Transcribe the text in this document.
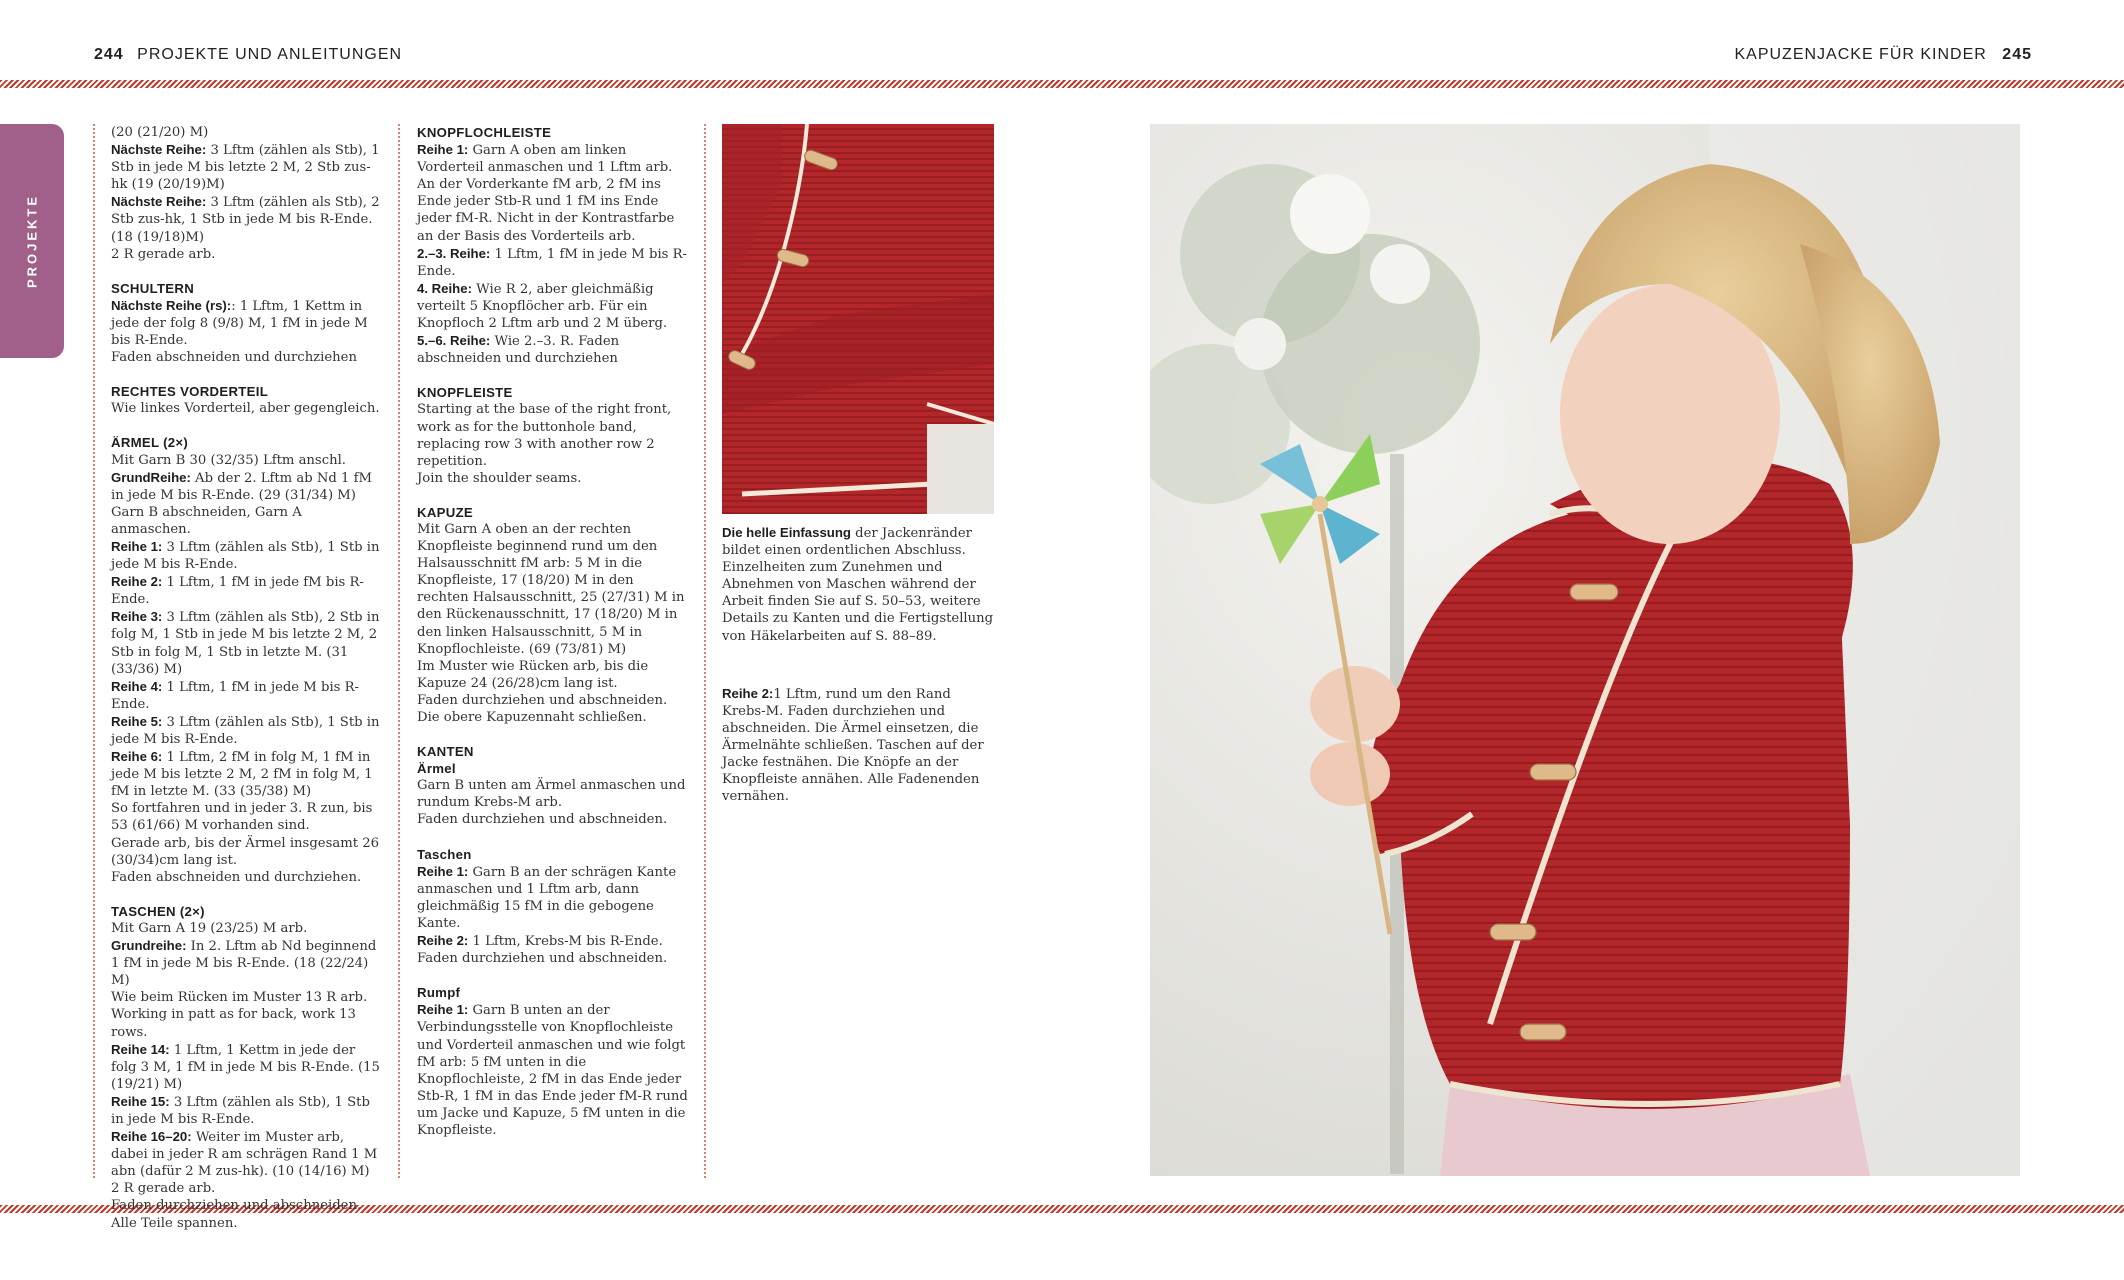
244 PROJEKTE UND ANLEITUNGEN	KAPUZENJACKE FÜR KINDER 245
PROJEKTE

(20 (21/20) M)
Nächste Reihe: 3 Lftm (zählen als Stb), 1 Stb in jede M bis letzte 2 M, 2 Stb zus-hk (19 (20/19)M)
Nächste Reihe: 3 Lftm (zählen als Stb), 2 Stb zus-hk, 1 Stb in jede M bis R-Ende. (18 (19/18)M)
2 R gerade arb.

SCHULTERN
Nächste Reihe (rs):: 1 Lftm, 1 Kettm in jede der folg 8 (9/8) M, 1 fM in jede M bis R-Ende.
Faden abschneiden und durchziehen

RECHTES VORDERTEIL
Wie linkes Vorderteil, aber gegengleich.

ÄRMEL (2×)
Mit Garn B 30 (32/35) Lftm anschl.
GrundReihe: Ab der 2. Lftm ab Nd 1 fM in jede M bis R-Ende. (29 (31/34) M)
Garn B abschneiden, Garn A anmaschen.
Reihe 1: 3 Lftm (zählen als Stb), 1 Stb in jede M bis R-Ende.
Reihe 2: 1 Lftm, 1 fM in jede fM bis R-Ende.
Reihe 3: 3 Lftm (zählen als Stb), 2 Stb in folg M, 1 Stb in jede M bis letzte 2 M, 2 Stb in folg M, 1 Stb in letzte M. (31 (33/36) M)
Reihe 4: 1 Lftm, 1 fM in jede M bis R-Ende.
Reihe 5: 3 Lftm (zählen als Stb), 1 Stb in jede M bis R-Ende.
Reihe 6: 1 Lftm, 2 fM in folg M, 1 fM in jede M bis letzte 2 M, 2 fM in folg M, 1 fM in letzte M. (33 (35/38) M)
So fortfahren und in jeder 3. R zun, bis 53 (61/66) M vorhanden sind.
Gerade arb, bis der Ärmel insgesamt 26 (30/34)cm lang ist.
Faden abschneiden und durchziehen.

TASCHEN (2×)
Mit Garn A 19 (23/25) M arb.
Grundreihe: In 2. Lftm ab Nd beginnend 1 fM in jede M bis R-Ende. (18 (22/24) M)
Wie beim Rücken im Muster 13 R arb.
Working in patt as for back, work 13 rows.
Reihe 14: 1 Lftm, 1 Kettm in jede der folg 3 M, 1 fM in jede M bis R-Ende. (15 (19/21) M)
Reihe 15: 3 Lftm (zählen als Stb), 1 Stb in jede M bis R-Ende.
Reihe 16–20: Weiter im Muster arb, dabei in jeder R am schrägen Rand 1 M abn (dafür 2 M zus-hk). (10 (14/16) M)
2 R gerade arb.
Faden durchziehen und abschneiden.
Alle Teile spannen.

KNOPFLOCHLEISTE
Reihe 1: Garn A oben am linken Vorderteil anmaschen und 1 Lftm arb. An der Vorderkante fM arb, 2 fM ins Ende jeder Stb-R und 1 fM ins Ende jeder fM-R. Nicht in der Kontrastfarbe an der Basis des Vorderteils arb.
2.–3. Reihe: 1 Lftm, 1 fM in jede M bis R-Ende.
4. Reihe: Wie R 2, aber gleichmäßig verteilt 5 Knopflöcher arb. Für ein Knopfloch 2 Lftm arb und 2 M überg.
5.–6. Reihe: Wie 2.–3. R. Faden abschneiden und durchziehen

KNOPFLEISTE
Starting at the base of the right front, work as for the buttonhole band, replacing row 3 with another row 2 repetition.
Join the shoulder seams.

KAPUZE
Mit Garn A oben an der rechten Knopfleiste beginnend rund um den Halsausschnitt fM arb: 5 M in die Knopfleiste, 17 (18/20) M in den rechten Halsausschnitt, 25 (27/31) M in den Rückenausschnitt, 17 (18/20) M in den linken Halsausschnitt, 5 M in Knopflochleiste. (69 (73/81) M)
Im Muster wie Rücken arb, bis die Kapuze 24 (26/28)cm lang ist.
Faden durchziehen und abschneiden.
Die obere Kapuzennaht schließen.

KANTEN
Ärmel
Garn B unten am Ärmel anmaschen und rundum Krebs-M arb.
Faden durchziehen und abschneiden.

Taschen
Reihe 1: Garn B an der schrägen Kante anmaschen und 1 Lftm arb, dann gleichmäßig 15 fM in die gebogene Kante.
Reihe 2: 1 Lftm, Krebs-M bis R-Ende.
Faden durchziehen und abschneiden.

Rumpf
Reihe 1: Garn B unten an der Verbindungsstelle von Knopflochleiste und Vorderteil anmaschen und wie folgt fM arb: 5 fM unten in die Knopflochleiste, 2 fM in das Ende jeder Stb-R, 1 fM in das Ende jeder fM-R rund um Jacke und Kapuze, 5 fM unten in die Knopfleiste.

Die helle Einfassung der Jackenränder bildet einen ordentlichen Abschluss. Einzelheiten zum Zunehmen und Abnehmen von Maschen während der Arbeit finden Sie auf S. 50–53, weitere Details zu Kanten und die Fertigstellung von Häkelarbeiten auf S. 88–89.

Reihe 2:1 Lftm, rund um den Rand Krebs-M. Faden durchziehen und abschneiden. Die Ärmel einsetzen, die Ärmelnähte schließen. Taschen auf der Jacke festnähen. Die Knöpfe an der Knopfleiste annähen. Alle Fadenenden vernähen.
